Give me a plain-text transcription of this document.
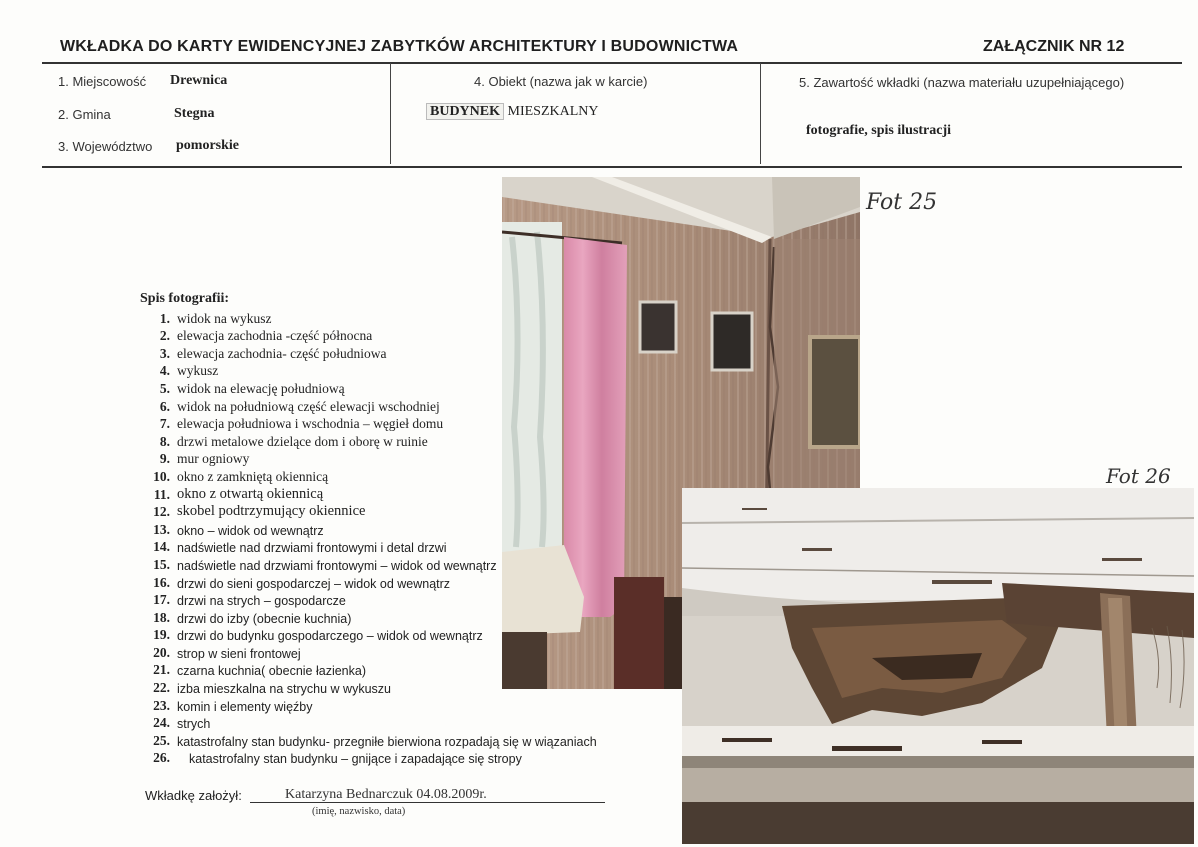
WKŁADKA DO KARTY EWIDENCYJNEJ ZABYTKÓW ARCHITEKTURY I BUDOWNICTWA	ZAŁĄCZNIK NR 12
1. Miejscowość Drewnica
2. Gmina	Stegna
3. Województwo pomorskie
4. Obiekt (nazwa jak w karcie)
BUDYNEK MIESZKALNY
5. Zawartość wkładki (nazwa materiału uzupełniającego)
fotografie, spis ilustracji
Spis fotografii:
1. widok na wykusz
2. elewacja zachodnia -część północna
3. elewacja zachodnia- część południowa
4. wykusz
5. widok na elewację południową
6. widok na południową część elewacji wschodniej
7. elewacja południowa i wschodnia – węgieł domu
8. drzwi metalowe dzielące dom i oborę w ruinie
9. mur ogniowy
10. okno z zamkniętą okiennicą
11. okno z otwartą okiennicą
12. skobel podtrzymujący okiennice
13. okno – widok od wewnątrz
14. nadświetle nad drzwiami frontowymi i detal drzwi
15. nadświetle nad drzwiami frontowymi – widok od wewnątrz
16. drzwi do sieni gospodarczej – widok od wewnątrz
17. drzwi na strych – gospodarcze
18. drzwi do izby (obecnie kuchnia)
19. drzwi do budynku gospodarczego – widok od wewnątrz
20. strop w sieni frontowej
21. czarna kuchnia( obecnie łazienka)
22. izba mieszkalna na strychu w wykuszu
23. komin i elementy więźby
24. strych
25. katastrofalny stan budynku- przegniłe bierwiona rozpadają się w wiązaniach
26.	katastrofalny stan budynku – gnijące i zapadające się stropy
Fot 25
Fot 26
Wkładkę założył:	Katarzyna Bednarczuk 04.08.2009r.
(imię, nazwisko, data)
